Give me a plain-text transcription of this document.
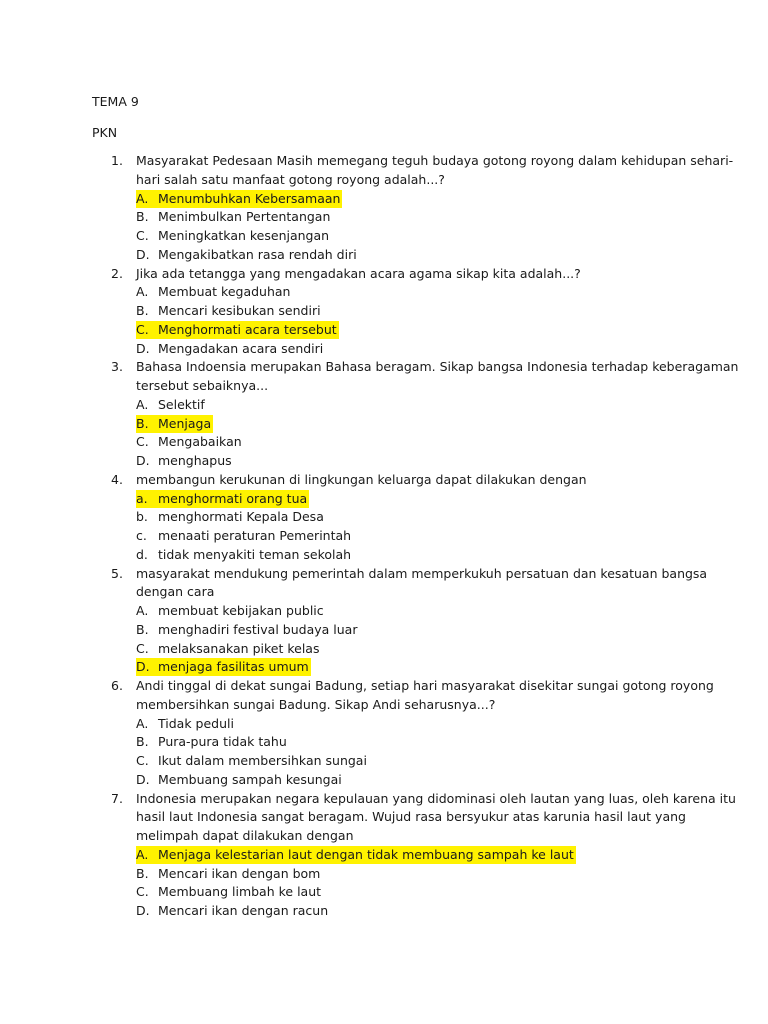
TEMA 9
PKN
1. Masyarakat Pedesaan Masih memegang teguh budaya gotong royong dalam kehidupan sehari-
hari salah satu manfaat gotong royong adalah...?
A. Menumbuhkan Kebersamaan
B. Menimbulkan Pertentangan
C. Meningkatkan kesenjangan
D. Mengakibatkan rasa rendah diri
2. Jika ada tetangga yang mengadakan acara agama sikap kita adalah...?
A. Membuat kegaduhan
B. Mencari kesibukan sendiri
C. Menghormati acara tersebut
D. Mengadakan acara sendiri
3. Bahasa Indoensia merupakan Bahasa beragam. Sikap bangsa Indonesia terhadap keberagaman
tersebut sebaiknya...
A. Selektif
B. Menjaga
C. Mengabaikan
D. menghapus
4. membangun kerukunan di lingkungan keluarga dapat dilakukan dengan
a. menghormati orang tua
b. menghormati Kepala Desa
c. menaati peraturan Pemerintah
d. tidak menyakiti teman sekolah
5. masyarakat mendukung pemerintah dalam memperkukuh persatuan dan kesatuan bangsa
dengan cara
A. membuat kebijakan public
B. menghadiri festival budaya luar
C. melaksanakan piket kelas
D. menjaga fasilitas umum
6. Andi tinggal di dekat sungai Badung, setiap hari masyarakat disekitar sungai gotong royong
membersihkan sungai Badung. Sikap Andi seharusnya...?
A. Tidak peduli
B. Pura-pura tidak tahu
C. Ikut dalam membersihkan sungai
D. Membuang sampah kesungai
7. Indonesia merupakan negara kepulauan yang didominasi oleh lautan yang luas, oleh karena itu
hasil laut Indonesia sangat beragam. Wujud rasa bersyukur atas karunia hasil laut yang
melimpah dapat dilakukan dengan
A. Menjaga kelestarian laut dengan tidak membuang sampah ke laut
B. Mencari ikan dengan bom
C. Membuang limbah ke laut
D. Mencari ikan dengan racun
